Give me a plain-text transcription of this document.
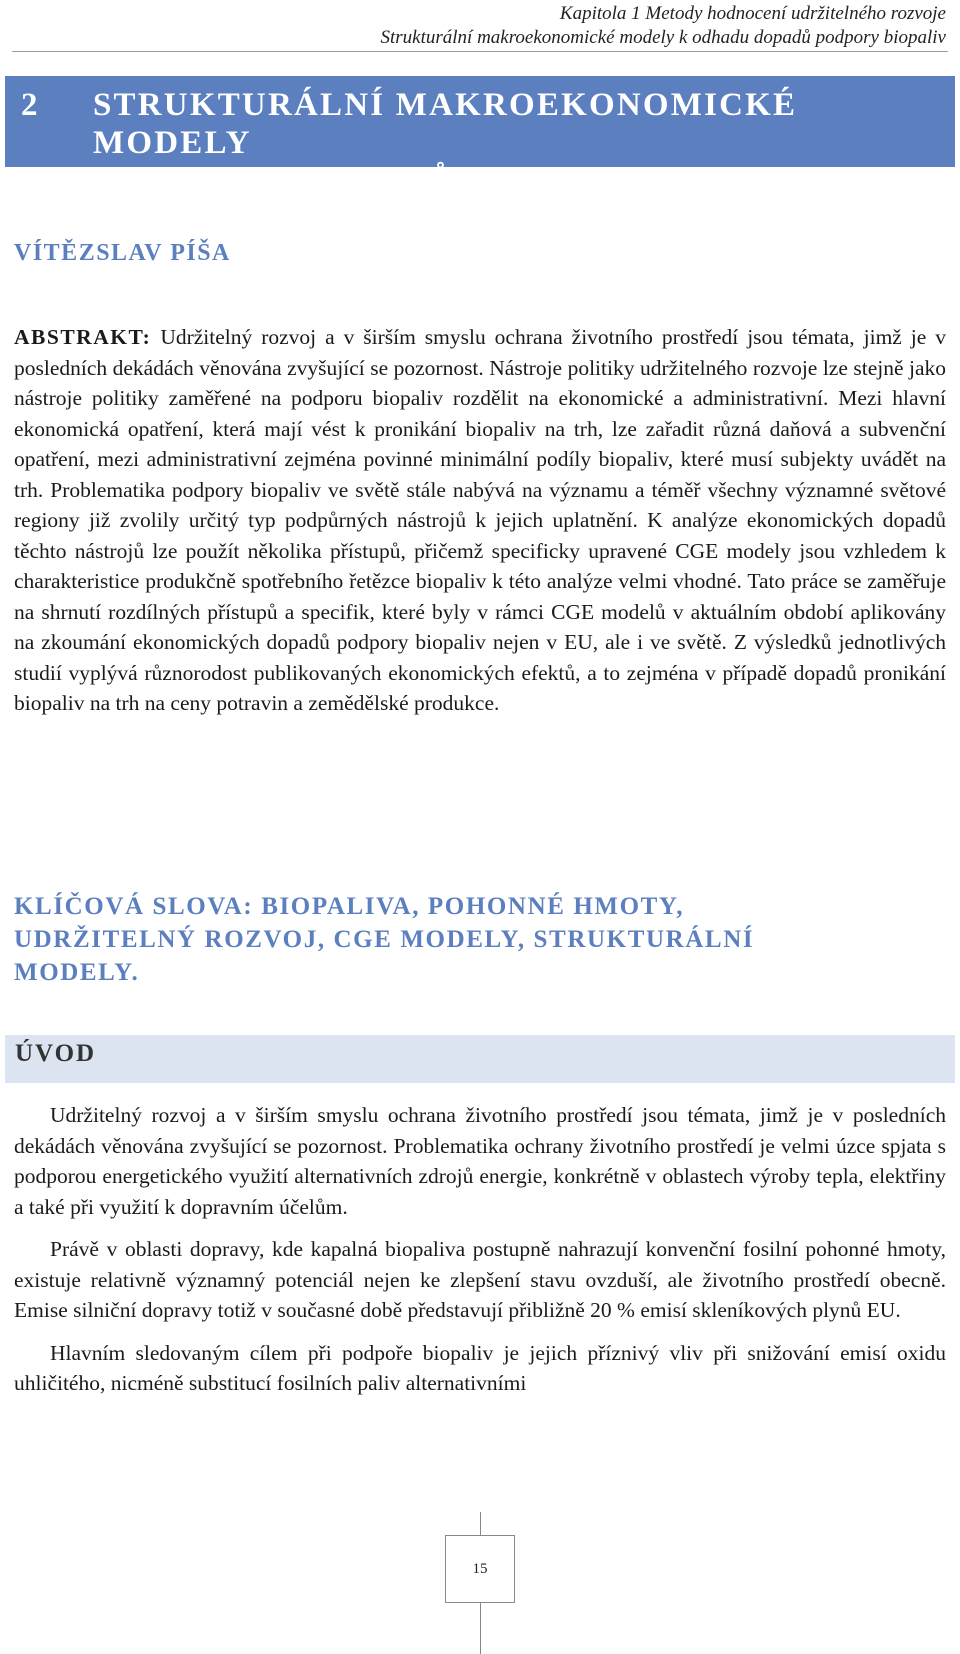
Kapitola 1 Metody hodnocení udržitelného rozvoje
Strukturální makroekonomické modely k odhadu dopadů podpory biopaliv
2	STRUKTURÁLNÍ MAKROEKONOMICKÉ MODELY
K ODHADU DOPADŮ PODPORY BIOPALIV
VÍTĚZSLAV PÍŠA

ABSTRAKT: Udržitelný rozvoj a v širším smyslu ochrana životního prostředí jsou témata, jimž je v posledních dekádách věnována zvyšující se pozornost. Nástroje politiky udržitelného rozvoje lze stejně jako nástroje politiky zaměřené na podporu biopaliv rozdělit na ekonomické a administrativní. Mezi hlavní ekonomická opatření, která mají vést k pronikání biopaliv na trh, lze zařadit různá daňová a subvenční opatření, mezi administrativní zejména povinné minimální podíly biopaliv, které musí subjekty uvádět na trh. Problematika podpory biopaliv ve světě stále nabývá na významu a téměř všechny významné světové regiony již zvolily určitý typ podpůrných nástrojů k jejich uplatnění. K analýze ekonomických dopadů těchto nástrojů lze použít několika přístupů, přičemž specificky upravené CGE modely jsou vzhledem k charakteristice produkčně spotřebního řetězce biopaliv k této analýze velmi vhodné. Tato práce se zaměřuje na shrnutí rozdílných přístupů a specifik, které byly v rámci CGE modelů v aktuálním období aplikovány na zkoumání ekonomických dopadů podpory biopaliv nejen v EU, ale i ve světě. Z výsledků jednotlivých studií vyplývá různorodost publikovaných ekonomických efektů, a to zejména v případě dopadů pronikání biopaliv na trh na ceny potravin a zemědělské produkce.

KLÍČOVÁ SLOVA: BIOPALIVA, POHONNÉ HMOTY,
UDRŽITELNÝ ROZVOJ, CGE MODELY, STRUKTURÁLNÍ
MODELY.
ÚVOD

Udržitelný rozvoj a v širším smyslu ochrana životního prostředí jsou témata, jimž je v posledních dekádách věnována zvyšující se pozornost. Problematika ochrany životního prostředí je velmi úzce spjata s podporou energetického využití alternativních zdrojů energie, konkrétně v oblastech výroby tepla, elektřiny a také při využití k dopravním účelům.

Právě v oblasti dopravy, kde kapalná biopaliva postupně nahrazují konvenční fosilní pohonné hmoty, existuje relativně významný potenciál nejen ke zlepšení stavu ovzduší, ale životního prostředí obecně. Emise silniční dopravy totiž v současné době představují přibližně 20 % emisí skleníkových plynů EU.

Hlavním sledovaným cílem při podpoře biopaliv je jejich příznivý vliv při snižování emisí oxidu uhličitého, nicméně substitucí fosilních paliv alternativními

15
